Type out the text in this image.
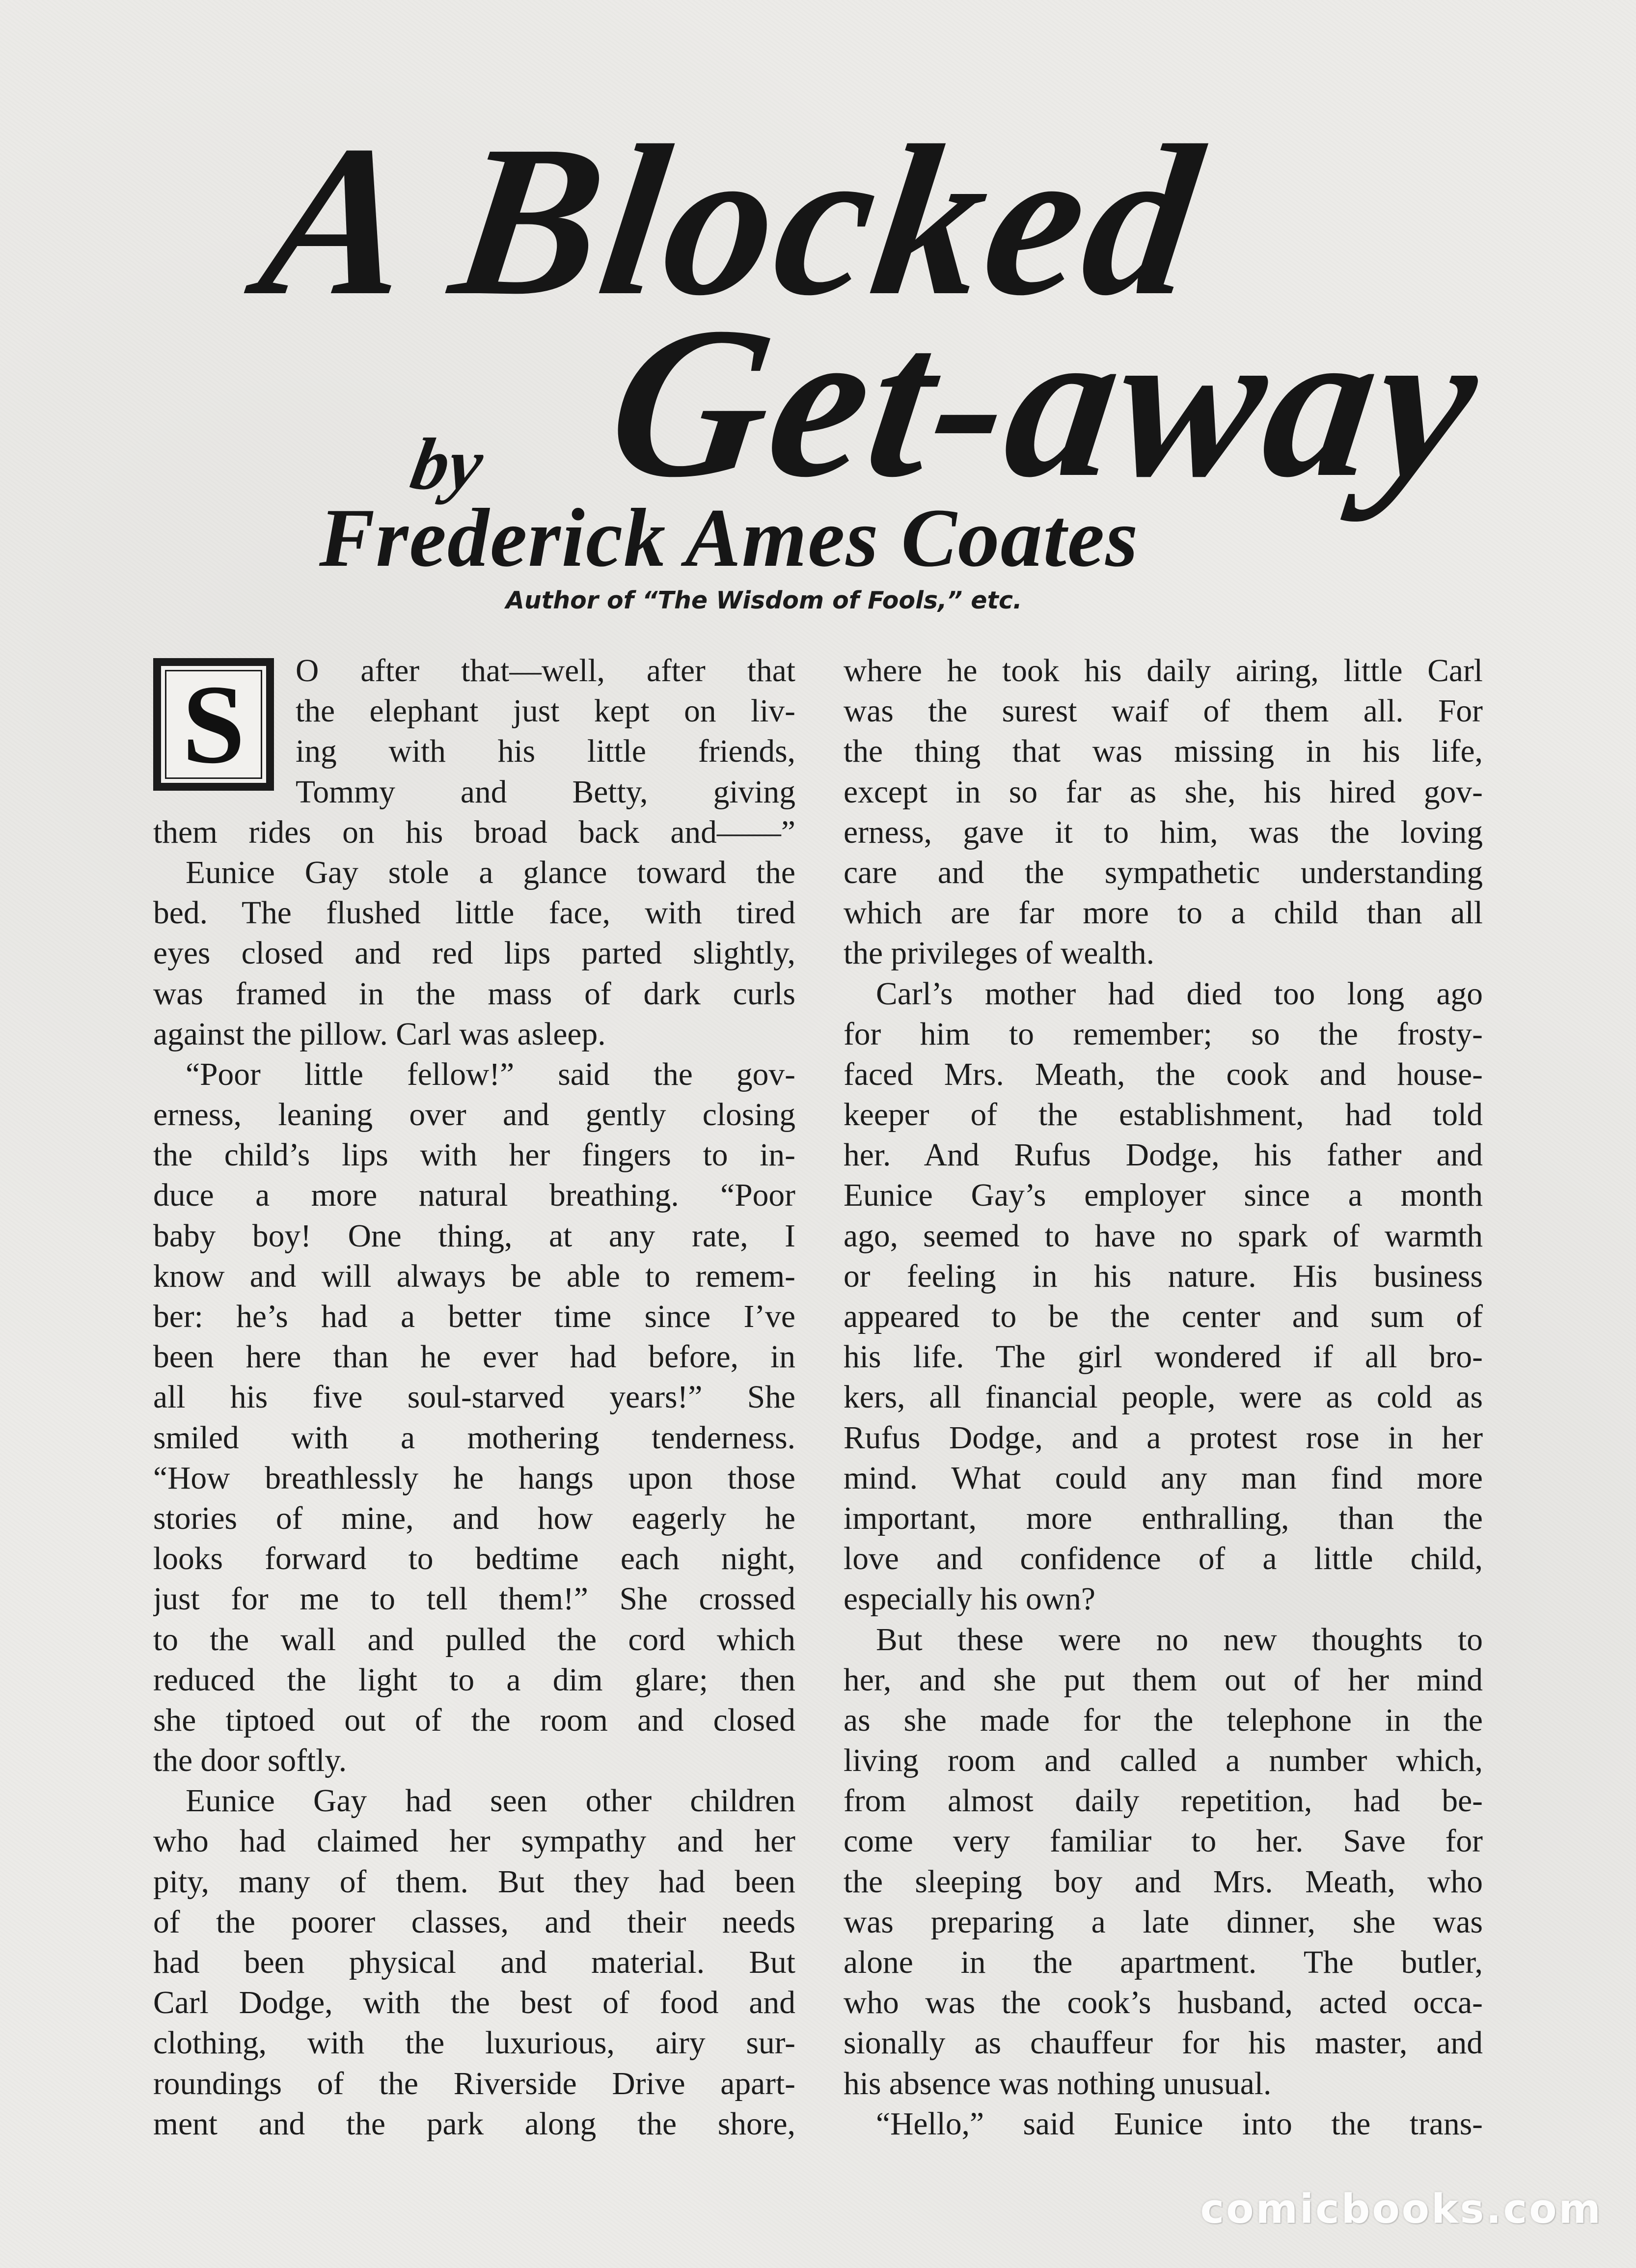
A Blocked
Get-away
by
Frederick Ames Coates
Author of “The Wisdom of Fools,” etc.
S	O after that—well, after that
the elephant just kept on liv-
ing with his little friends,
Tommy and Betty, giving
them rides on his broad back and——”
Eunice Gay stole a glance toward the
bed. The flushed little face, with tired
eyes closed and red lips parted slightly,
was framed in the mass of dark curls
against the pillow. Carl was asleep.
“Poor little fellow!” said the gov-
erness, leaning over and gently closing
the child’s lips with her fingers to in-
duce a more natural breathing. “Poor
baby boy! One thing, at any rate, I
know and will always be able to remem-
ber: he’s had a better time since I’ve
been here than he ever had before, in
all his five soul-starved years!” She
smiled with a mothering tenderness.
“How breathlessly he hangs upon those
stories of mine, and how eagerly he
looks forward to bedtime each night,
just for me to tell them!” She crossed
to the wall and pulled the cord which
reduced the light to a dim glare; then
she tiptoed out of the room and closed
the door softly.
Eunice Gay had seen other children
who had claimed her sympathy and her
pity, many of them. But they had been
of the poorer classes, and their needs
had been physical and material. But
Carl Dodge, with the best of food and
clothing, with the luxurious, airy sur-
roundings of the Riverside Drive apart-
ment and the park along the shore,
where he took his daily airing, little Carl
was the surest waif of them all. For
the thing that was missing in his life,
except in so far as she, his hired gov-
erness, gave it to him, was the loving
care and the sympathetic understanding
which are far more to a child than all
the privileges of wealth.
Carl’s mother had died too long ago
for him to remember; so the frosty-
faced Mrs. Meath, the cook and house-
keeper of the establishment, had told
her. And Rufus Dodge, his father and
Eunice Gay’s employer since a month
ago, seemed to have no spark of warmth
or feeling in his nature. His business
appeared to be the center and sum of
his life. The girl wondered if all bro-
kers, all financial people, were as cold as
Rufus Dodge, and a protest rose in her
mind. What could any man find more
important, more enthralling, than the
love and confidence of a little child,
especially his own?
But these were no new thoughts to
her, and she put them out of her mind
as she made for the telephone in the
living room and called a number which,
from almost daily repetition, had be-
come very familiar to her. Save for
the sleeping boy and Mrs. Meath, who
was preparing a late dinner, she was
alone in the apartment. The butler,
who was the cook’s husband, acted occa-
sionally as chauffeur for his master, and
his absence was nothing unusual.
“Hello,” said Eunice into the trans-
comicbooks.com
